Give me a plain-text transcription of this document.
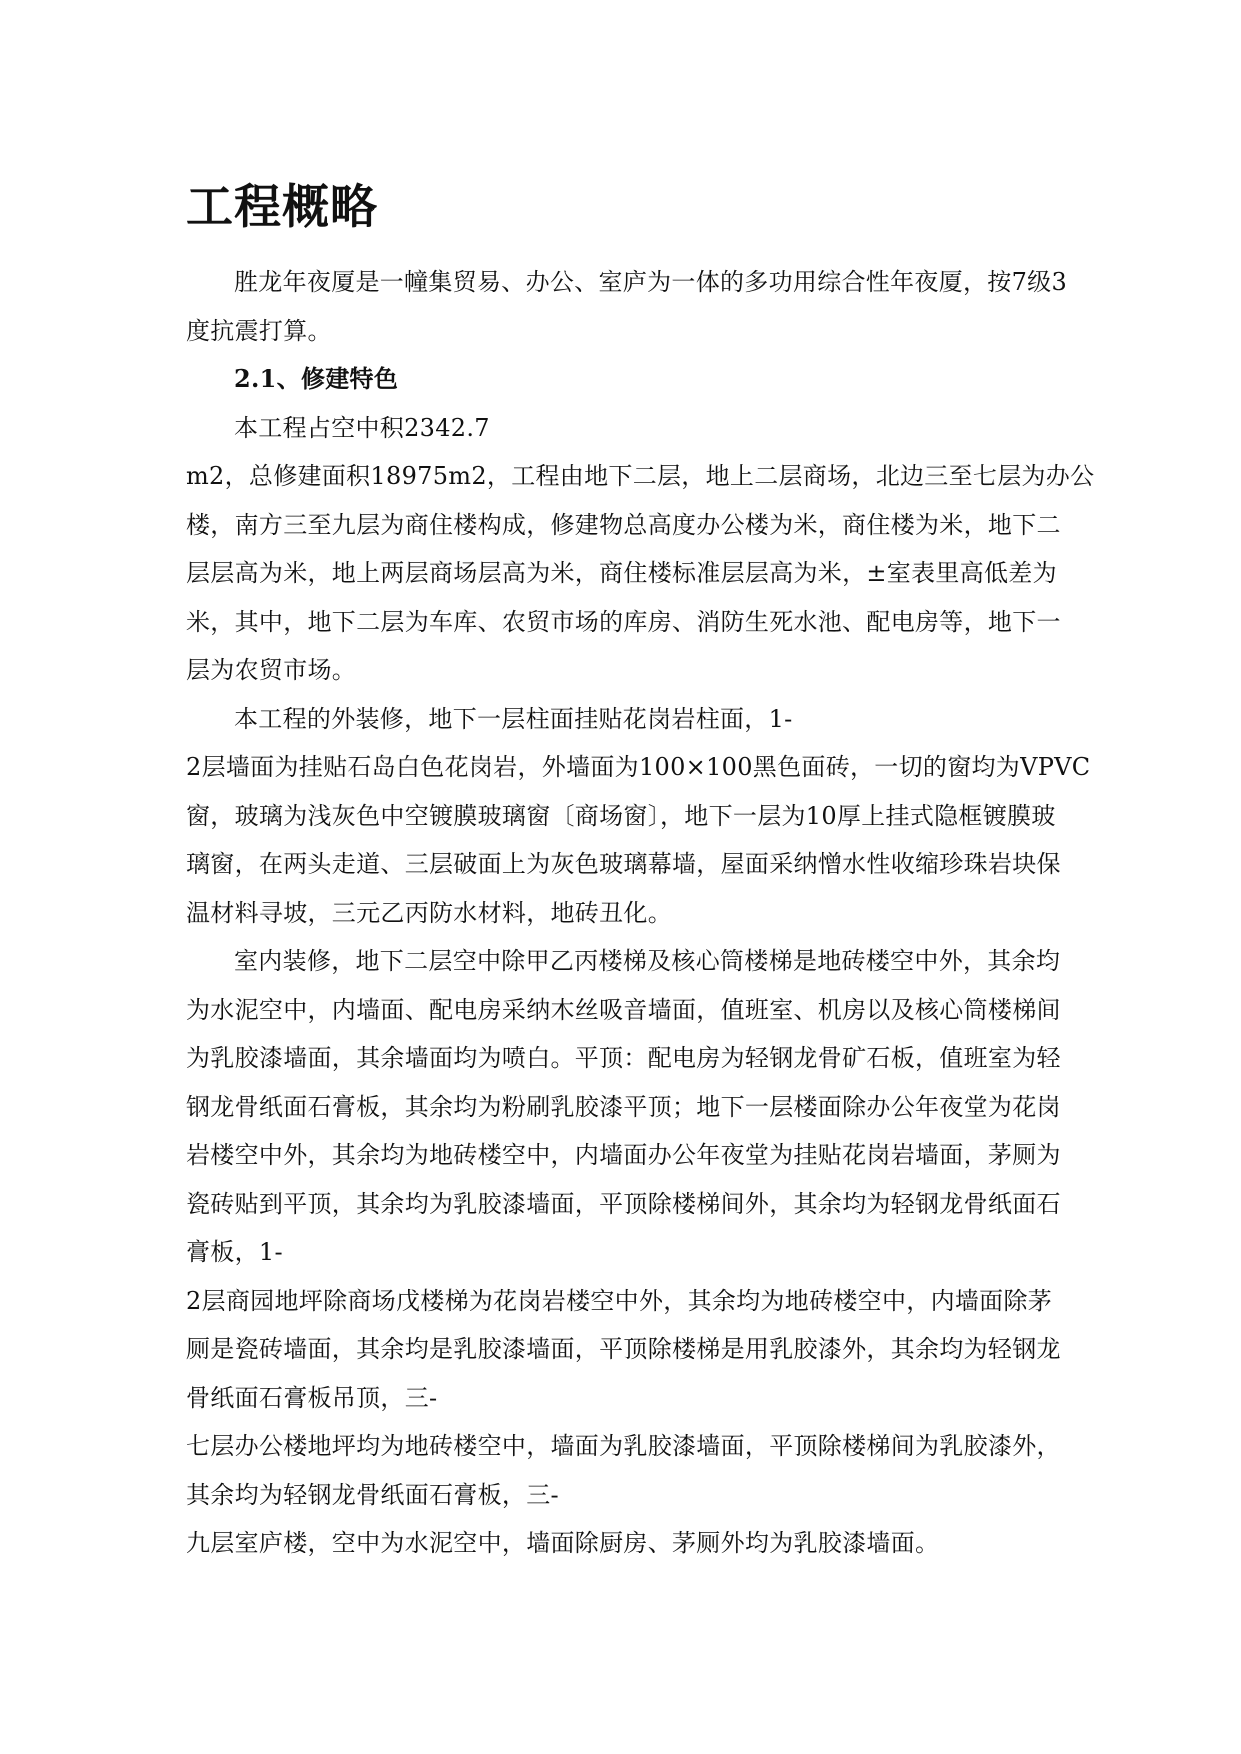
工程概略
胜龙年夜厦是一幢集贸易、办公、室庐为一体的多功用综合性年夜厦，按7级3
度抗震打算。
2.1、修建特色
本工程占空中积2342.7
m2，总修建面积18975m2，工程由地下二层，地上二层商场，北边三至七层为办公
楼，南方三至九层为商住楼构成，修建物总高度办公楼为米，商住楼为米，地下二
层层高为米，地上两层商场层高为米，商住楼标准层层高为米，±室表里高低差为
米，其中，地下二层为车库、农贸市场的库房、消防生死水池、配电房等，地下一
层为农贸市场。
本工程的外装修，地下一层柱面挂贴花岗岩柱面，1-
2层墙面为挂贴石岛白色花岗岩，外墙面为100×100黑色面砖，一切的窗均为VPVC
窗，玻璃为浅灰色中空镀膜玻璃窗〔商场窗〕，地下一层为10厚上挂式隐框镀膜玻
璃窗，在两头走道、三层破面上为灰色玻璃幕墙，屋面采纳憎水性收缩珍珠岩块保
温材料寻坡，三元乙丙防水材料，地砖丑化。
室内装修，地下二层空中除甲乙丙楼梯及核心筒楼梯是地砖楼空中外，其余均
为水泥空中，内墙面、配电房采纳木丝吸音墙面，值班室、机房以及核心筒楼梯间
为乳胶漆墙面，其余墙面均为喷白。平顶：配电房为轻钢龙骨矿石板，值班室为轻
钢龙骨纸面石膏板，其余均为粉刷乳胶漆平顶；地下一层楼面除办公年夜堂为花岗
岩楼空中外，其余均为地砖楼空中，内墙面办公年夜堂为挂贴花岗岩墙面，茅厕为
瓷砖贴到平顶，其余均为乳胶漆墙面，平顶除楼梯间外，其余均为轻钢龙骨纸面石
膏板，1-
2层商园地坪除商场戊楼梯为花岗岩楼空中外，其余均为地砖楼空中，内墙面除茅
厕是瓷砖墙面，其余均是乳胶漆墙面，平顶除楼梯是用乳胶漆外，其余均为轻钢龙
骨纸面石膏板吊顶，三-
七层办公楼地坪均为地砖楼空中，墙面为乳胶漆墙面，平顶除楼梯间为乳胶漆外，
其余均为轻钢龙骨纸面石膏板，三-
九层室庐楼，空中为水泥空中，墙面除厨房、茅厕外均为乳胶漆墙面。
